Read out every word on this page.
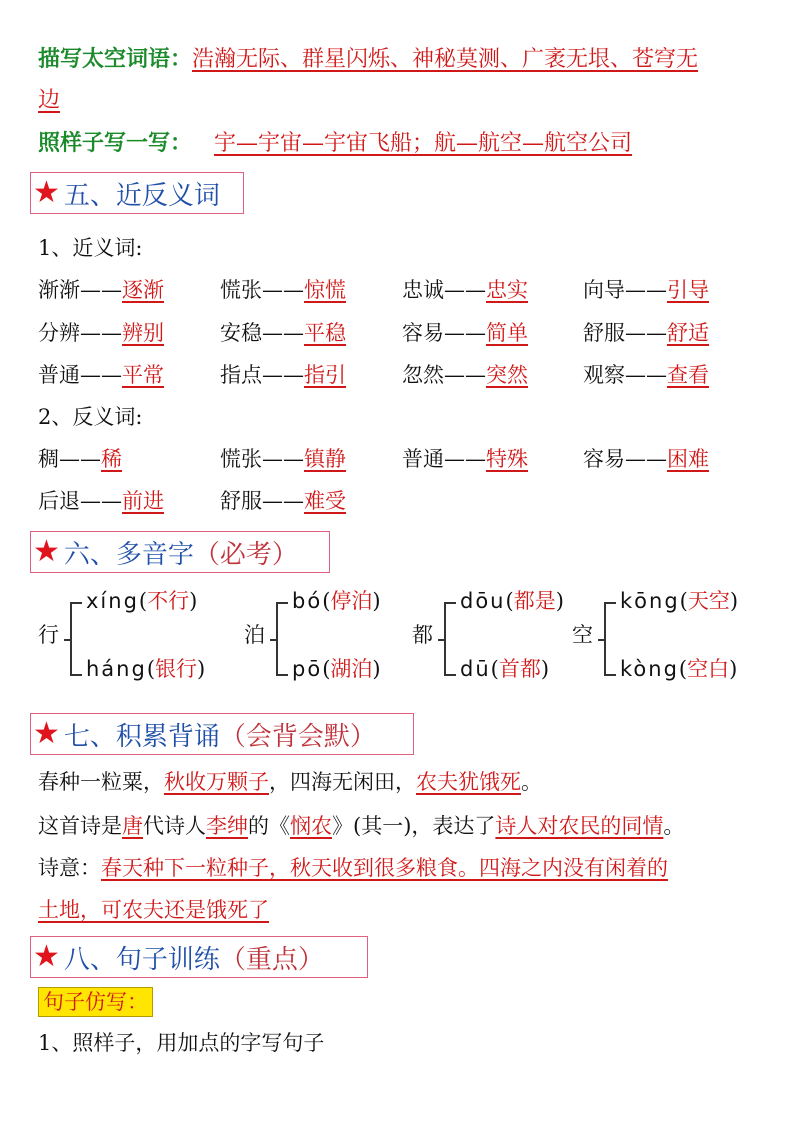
描写太空词语：浩瀚无际、群星闪烁、神秘莫测、广袤无垠、苍穹无
边
照样子写一写： 宇—宇宙—宇宙飞船；航—航空—航空公司
★ 五、近反义词
1、近义词:
渐渐——逐渐	慌张——惊慌	忠诚——忠实	向导——引导
分辨——辨别	安稳——平稳	容易——简单	舒服——舒适
普通——平常	指点——指引	忽然——突然	观察——查看
2、反义词:
稠——稀	慌张——镇静	普通——特殊	容易——困难
后退——前进	舒服——难受
★ 六、多音字 （必考）
行
xíng(不行)
háng(银行)
泊
bó(停泊)
pō(湖泊)
都
dōu(都是)
dū(首都)
空
kōng(天空)
kòng(空白)
★ 七、积累背诵 （会背会默）
春种一粒粟，秋收万颗子，四海无闲田，农夫犹饿死。
这首诗是唐代诗人李绅的《悯农》(其一)，表达了诗人对农民的同情。
诗意：春天种下一粒种子，秋天收到很多粮食。四海之内没有闲着的
土地，可农夫还是饿死了
★ 八、句子训练 （重点）
句子仿写：
1、照样子，用加点的字写句子
